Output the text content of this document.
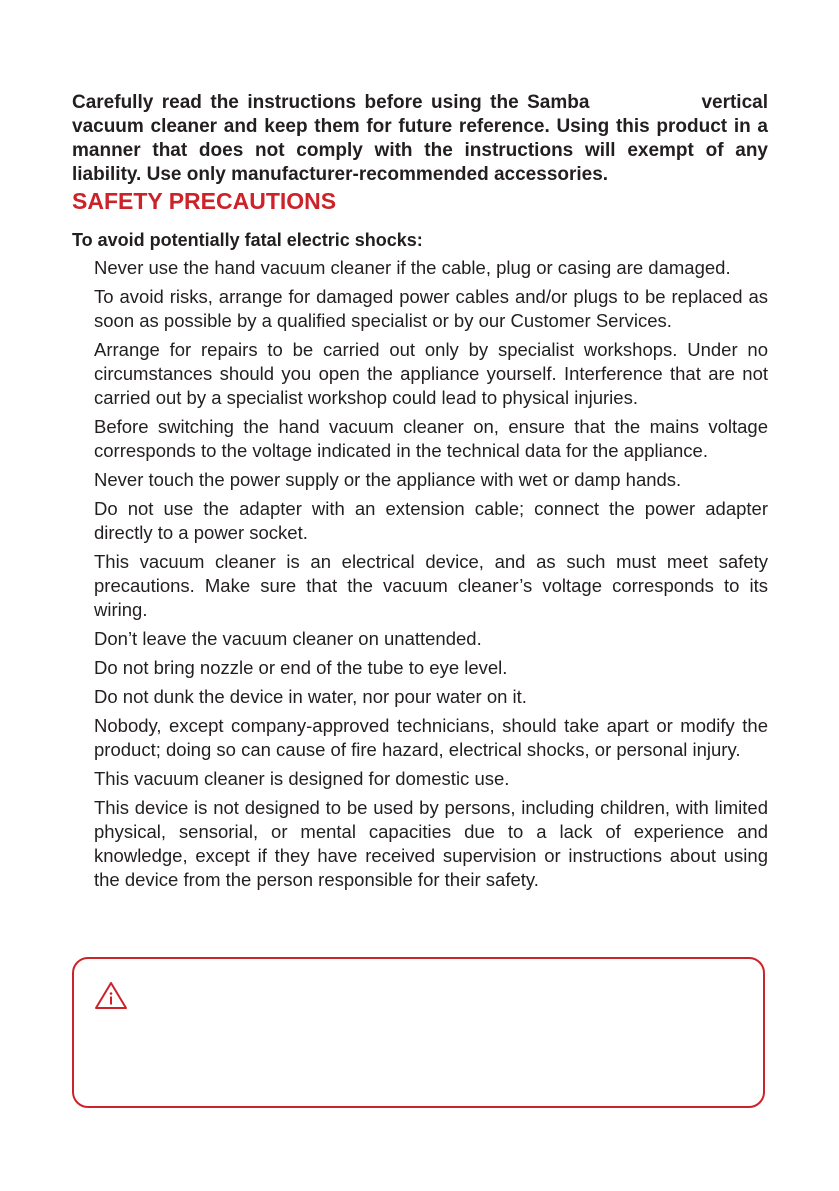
Carefully read the instructions before using the Samba	vertical vacuum cleaner and keep them for future reference. Using this product in a manner that does not comply with the instructions will exempt of any liability. Use only manufacturer-recommended accessories.

SAFETY PRECAUTIONS
To avoid potentially fatal electric shocks:
Never use the hand vacuum cleaner if the cable, plug or casing are damaged.
To avoid risks, arrange for damaged power cables and/or plugs to be replaced as soon as possible by a qualified specialist or by our Customer Services.
Arrange for repairs to be carried out only by specialist workshops. Under no circumstances should you open the appliance yourself. Interference that are not carried out by a specialist workshop could lead to physical injuries.
Before switching the hand vacuum cleaner on, ensure that the mains voltage corresponds to the voltage indicated in the technical data for the appliance.
Never touch the power supply or the appliance with wet or damp hands.
Do not use the adapter with an extension cable; connect the power adapter directly to a power socket.
This vacuum cleaner is an electrical device, and as such must meet safety precautions. Make sure that the vacuum cleaner’s voltage corresponds to its wiring.
Don’t leave the vacuum cleaner on unattended.
Do not bring nozzle or end of the tube to eye level.
Do not dunk the device in water, nor pour water on it.
Nobody, except company-approved technicians, should take apart or modify the product; doing so can cause of fire hazard, electrical shocks, or personal injury.
This vacuum cleaner is designed for domestic use.
This device is not designed to be used by persons, including children, with limited physical, sensorial, or mental capacities due to a lack of experience and knowledge, except if they have received supervision or instructions about using the device from the person responsible for their safety.
